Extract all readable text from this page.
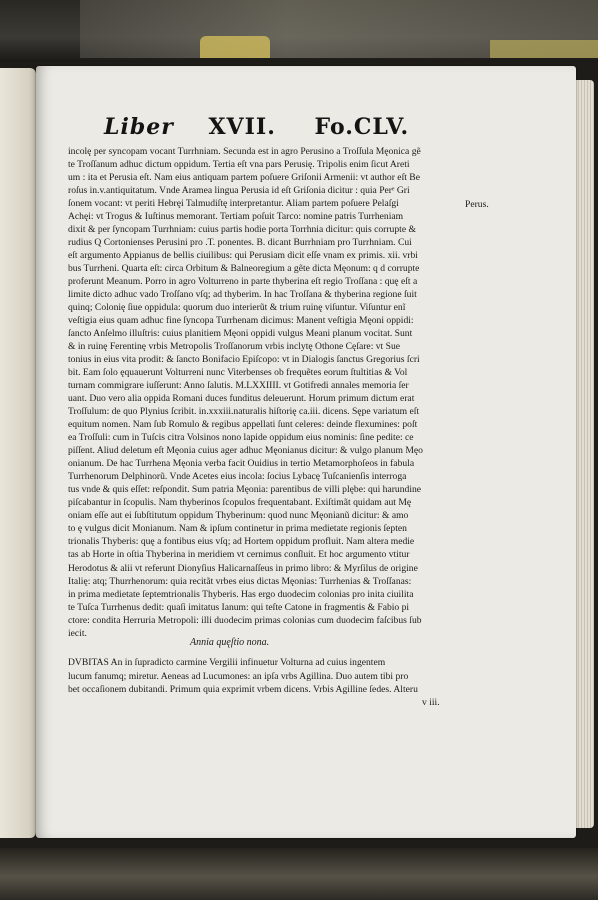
Liber XVII. Fo.CLV.
incolę per syncopam vocant Turrhniam. Secunda est in agro Perusino a Troſſula Męonica gẽ
te Troſſanum adhuc dictum oppidum. Tertia eſt vna pars Perusię. Tripolis enim ſicut Areti
um : ita et Perusia eſt. Nam eius antiquam partem poſuere Griſonii Armenii: vt author eſt Be
roſus in.v.antiquitatum. Vnde Aramea lingua Perusia id eſt Griſonia dicitur : quia Perᵉ Gri
ſonem vocant: vt periti Hebręi Talmudiſtę interpretantur. Aliam partem poſuere Pelaſgi
Achęi: vt Trogus & Iuſtinus memorant. Tertiam poſuit Tarco: nomine patris Turrheniam
dixit & per ſyncopam Turrhniam: cuius partis hodie porta Torrhnia dicitur: quis corrupte &
rudius Q Cortonienses Perusini pro .T. ponentes. B. dicant Burrhniam pro Turrhniam. Cui
eſt argumento Appianus de bellis ciuilibus: qui Perusiam dicit eſſe vnam ex primis. xii. vrbi
bus Turrheni. Quarta eſt: circa Orbitum & Balneoregium a gẽte dicta Męonum: q d corrupte
proferunt Meanum. Porro in agro Volturreno in parte thyberina eſt regio Troſſana : quę eſt a
limite dicto adhuc vado Troſſano vſq; ad thyberim. In hac Troſſana & thyberina regione ſuit
quinq; Colonię ſiue oppidula: quorum duo interierũt & trium ruinę viſuntur. Viſuntur enĩ
veſtigia eius quam adhuc fine ſyncopa Turrhenam dicimus: Manent veſtigia Męoni oppidi:
ſancto Anſelmo illuſtris: cuius planitiem Męoni oppidi vulgus Meani planum vocitat. Sunt
& in ruinę Ferentinę vrbis Metropolis Troſſanorum vrbis inclytę Othone Cęſare: vt Sue
tonius in eius vita prodit: & ſancto Bonifacio Epiſcopo: vt in Dialogis ſanctus Gregorius ſcri
bit. Eam ſolo ęquauerunt Volturreni nunc Viterbenses ob frequẽtes eorum ſtultitias & Vol
turnam commigrare iuſſerunt: Anno ſalutis. M.LXXIIII. vt Gotifredi annales memoria ſer
uant. Duo vero alia oppida Romani duces funditus deleuerunt. Horum primum dictum erat
Troſſulum: de quo Plynius ſcribit. in.xxxiii.naturalis hiſtorię ca.iii. dicens. Sępe variatum eſt
equitum nomen. Nam ſub Romulo & regibus appellati ſunt celeres: deinde flexumines: poſt
ea Troſſuli: cum in Tuſcis citra Volsinos nono lapide oppidum eius nominis: ſine pedite: ce
piſſent. Aliud deletum eſt Męonia cuius ager adhuc Męonianus dicitur: & vulgo planum Męo
onianum. De hac Turrhena Męonia verba facit Ouidius in tertio Metamorphoſeos in fabula
Turrhenorum Delphinorũ. Vnde Acetes eius incola: ſocius Lybacę Tuſcanienſis interroga
tus vnde & quis eſſet: reſpondit. Sum patria Męonia: parentibus de villi plębe: qui harundine
piſcabantur in ſcopulis. Nam thyberinos ſcopulos frequentabant. Exiſtimãt quidam aut Mę
oniam eſſe aut ei ſubſtitutum oppidum Thyberinum: quod nunc Męonianũ dicitur: & amo
to ę vulgus dicit Monianum. Nam & ipſum continetur in prima medietate regionis ſepten
trionalis Thyberis: quę a fontibus eius vſq; ad Hortem oppidum profluit. Nam altera medie
tas ab Horte in oſtia Thyberina in meridiem vt cernimus conſluit. Et hoc argumento vtitur
Herodotus & alii vt referunt Dionyſius Halicarnaſſeus in primo libro: & Myrſilus de origine
Italię: atq; Thurrhenorum: quia recitãt vrbes eius dictas Męonias: Turrhenias & Troſſanas:
in prima medietate ſeptemtrionalis Thyberis. Has ergo duodecim colonias pro inita ciuilita
te Tuſca Turrhenus dedit: quaſi imitatus Ianum: qui teſte Catone in fragmentis & Fabio pi
ctore: condita Herruria Metropoli: illi duodecim primas colonias cum duodecim faſcibus ſub
iecit.
Perus.
Annia quęſtio nona.
DVBITAS An in ſupradicto carmine Vergilii infinuetur Volturna ad cuius ingentem
lucum fanumq; miretur. Aeneas ad Lucumones: an ipſa vrbs Agillina. Duo autem tibi pro
bet occaſionem dubitandi. Primum quia exprimit vrbem dicens. Vrbis Agilline ſedes. Alteru
v iii.
